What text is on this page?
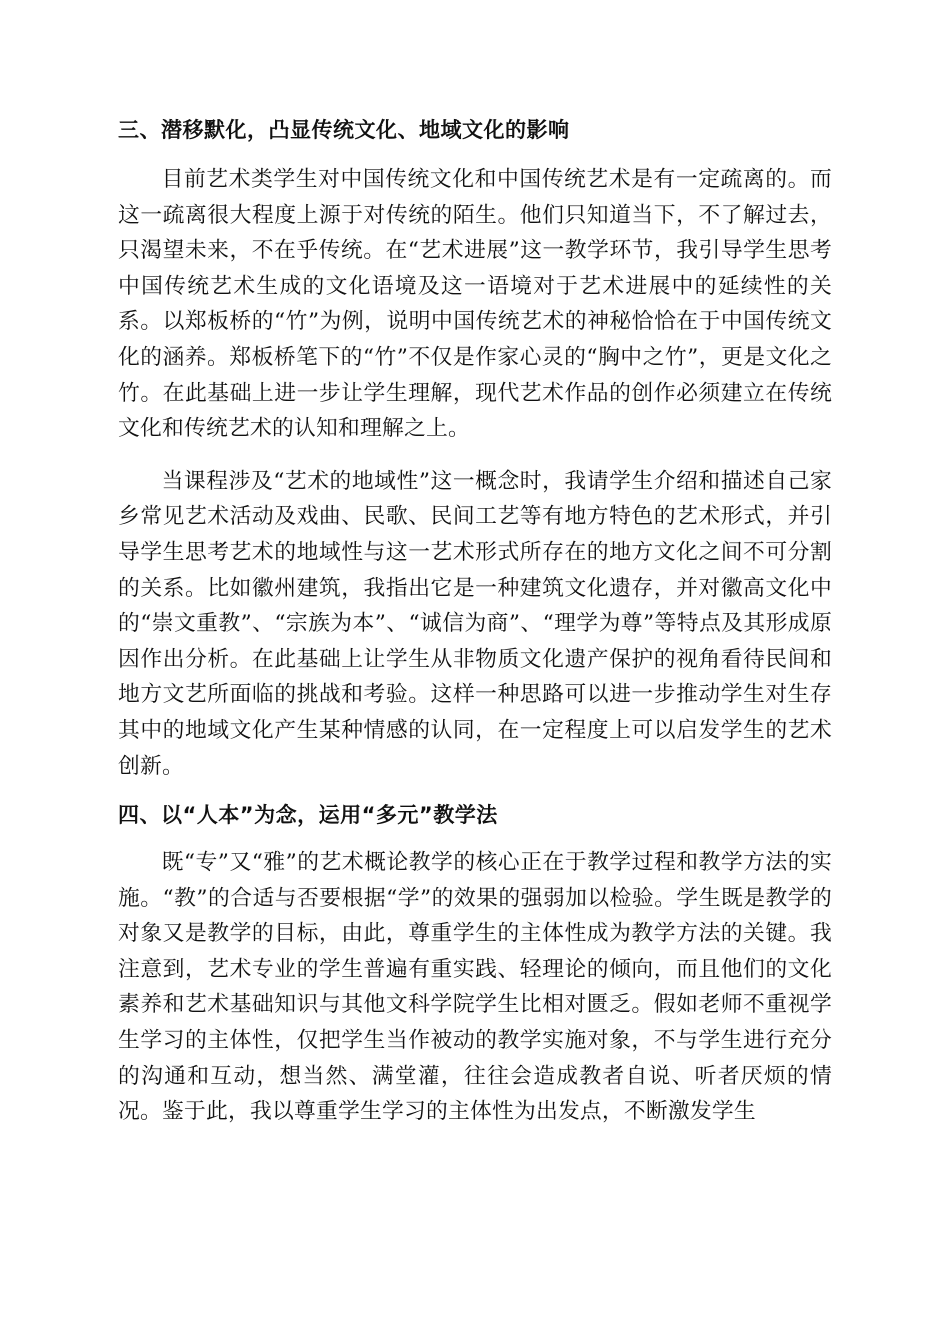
三、潜移默化，凸显传统文化、地域文化的影响

目前艺术类学生对中国传统文化和中国传统艺术是有一定疏离的。而这一疏离很大程度上源于对传统的陌生。他们只知道当下，不了解过去，只渴望未来，不在乎传统。在“艺术进展”这一教学环节，我引导学生思考中国传统艺术生成的文化语境及这一语境对于艺术进展中的延续性的关系。以郑板桥的“竹”为例，说明中国传统艺术的神秘恰恰在于中国传统文化的涵养。郑板桥笔下的“竹”不仅是作家心灵的“胸中之竹”，更是文化之竹。在此基础上进一步让学生理解，现代艺术作品的创作必须建立在传统文化和传统艺术的认知和理解之上。

当课程涉及“艺术的地域性”这一概念时，我请学生介绍和描述自己家乡常见艺术活动及戏曲、民歌、民间工艺等有地方特色的艺术形式，并引导学生思考艺术的地域性与这一艺术形式所存在的地方文化之间不可分割的关系。比如徽州建筑，我指出它是一种建筑文化遗存，并对徽高文化中的“崇文重教”、“宗族为本”、“诚信为商”、“理学为尊”等特点及其形成原因作出分析。在此基础上让学生从非物质文化遗产保护的视角看待民间和地方文艺所面临的挑战和考验。这样一种思路可以进一步推动学生对生存其中的地域文化产生某种情感的认同，在一定程度上可以启发学生的艺术创新。

四、以“人本”为念，运用“多元”教学法

既“专”又“雅”的艺术概论教学的核心正在于教学过程和教学方法的实施。“教”的合适与否要根据“学”的效果的强弱加以检验。学生既是教学的对象又是教学的目标，由此，尊重学生的主体性成为教学方法的关键。我注意到，艺术专业的学生普遍有重实践、轻理论的倾向，而且他们的文化素养和艺术基础知识与其他文科学院学生比相对匮乏。假如老师不重视学生学习的主体性，仅把学生当作被动的教学实施对象，不与学生进行充分的沟通和互动，想当然、满堂灌，往往会造成教者自说、听者厌烦的情况。鉴于此，我以尊重学生学习的主体性为出发点，不断激发学生
